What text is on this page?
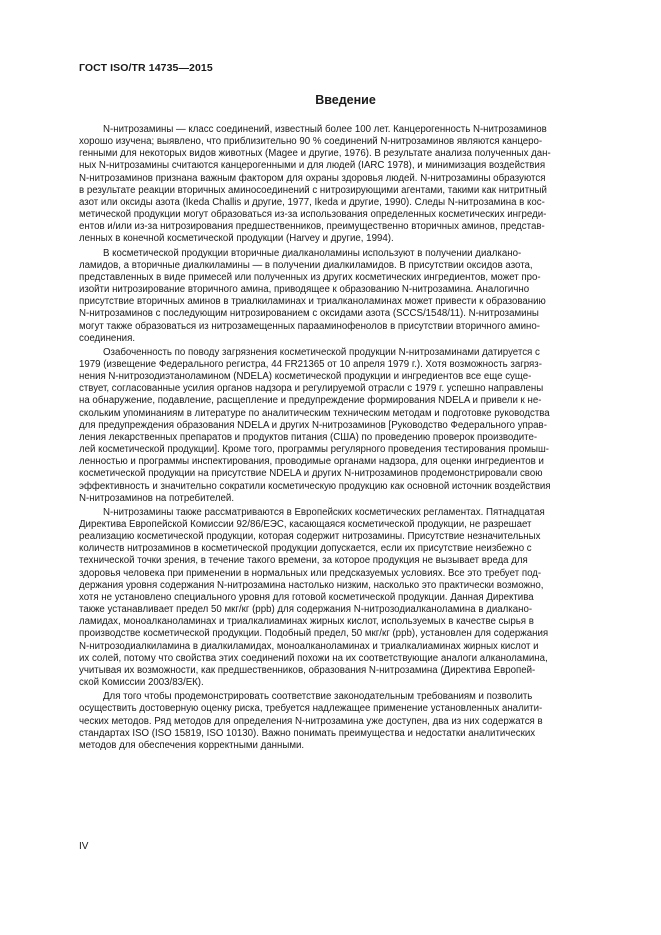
ГОСТ ISO/TR 14735—2015
Введение

N-нитрозамины — класс соединений, известный более 100 лет. Канцерогенность N-нитрозаминов
хорошо изучена; выявлено, что приблизительно 90 % соединений N-нитрозаминов являются канцеро-
генными для некоторых видов животных (Magee и другие, 1976). В результате анализа полученных дан-
ных N-нитрозамины считаются канцерогенными и для людей (IARC 1978), и минимизация воздействия
N-нитрозаминов признана важным фактором для охраны здоровья людей. N-нитрозамины образуются
в результате реакции вторичных аминосоединений с нитрозирующими агентами, такими как нитритный
азот или оксиды азота (Ikeda Challis и другие, 1977, Ikeda и другие, 1990). Следы N-нитрозамина в кос-
метической продукции могут образоваться из-за использования определенных косметических ингреди-
ентов и/или из-за нитрозирования предшественников, преимущественно вторичных аминов, представ-
ленных в конечной косметической продукции (Harvey и другие, 1994).

В косметической продукции вторичные диалканоламины используют в получении диалкано-
ламидов, а вторичные диалкиламины — в получении диалкиламидов. В присутствии оксидов азота,
представленных в виде примесей или полученных из других косметических ингредиентов, может про-
изойти нитрозирование вторичного амина, приводящее к образованию N-нитрозамина. Аналогично
присутствие вторичных аминов в триалкиламинах и триалканоламинах может привести к образованию
N-нитрозаминов с последующим нитрозированием с оксидами азота (SCCS/1548/11). N-нитрозамины
могут также образоваться из нитрозамещенных параaминофенолов в присутствии вторичного амино-
соединения.

Озабоченность по поводу загрязнения косметической продукции N-нитрозаминами датируется с
1979 (извещение Федерального регистра, 44 FR21365 от 10 апреля 1979 г.). Хотя возможность загряз-
нения N-нитрозодиэтаноламином (NDELA) косметической продукции и ингредиентов все еще суще-
ствует, согласованные усилия органов надзора и регулируемой отрасли с 1979 г. успешно направлены
на обнаружение, подавление, расщепление и предупреждение формирования NDELA и привели к не-
скольким упоминаниям в литературе по аналитическим техническим методам и подготовке руководства
для предупреждения образования NDELA и других N-нитрозаминов [Руководство Федерального управ-
ления лекарственных препаратов и продуктов питания (США) по проведению проверок производите-
лей косметической продукции]. Кроме того, программы регулярного проведения тестирования промыш-
ленностью и программы инспектирования, проводимые органами надзора, для оценки ингредиентов и
косметической продукции на присутствие NDELA и других N-нитрозаминов продемонстрировали свою
эффективность и значительно сократили косметическую продукцию как основной источник воздействия
N-нитрозаминов на потребителей.

N-нитрозамины также рассматриваются в Европейских косметических регламентах. Пятнадцатая
Директива Европейской Комиссии 92/86/ЕЭС, касающаяся косметической продукции, не разрешает
реализацию косметической продукции, которая содержит нитрозамины. Присутствие незначительных
количеств нитрозаминов в косметической продукции допускается, если их присутствие неизбежно с
технической точки зрения, в течение такого времени, за которое продукция не вызывает вреда для
здоровья человека при применении в нормальных или предсказуемых условиях. Все это требует под-
держания уровня содержания N-нитрозамина настолько низким, насколько это практически возможно,
хотя не установлено специального уровня для готовой косметической продукции. Данная Директива
также устанавливает предел 50 мкг/кг (ppb) для содержания N-нитрозодиалканоламина в диалкано-
ламидах, моноалканоламинах и триалкалиаминах жирных кислот, используемых в качестве сырья в
производстве косметической продукции. Подобный предел, 50 мкг/кг (ppb), установлен для содержания
N-нитрозодиалкиламина в диалкиламидах, моноалканоламинах и триалкалиаминах жирных кислот и
их солей, потому что свойства этих соединений похожи на их соответствующие аналоги алканоламина,
учитывая их возможности, как предшественников, образования N-нитрозамина (Директива Европей-
ской Комиссии 2003/83/ЕК).

Для того чтобы продемонстрировать соответствие законодательным требованиям и позволить
осуществить достоверную оценку риска, требуется надлежащее применение установленных аналити-
ческих методов. Ряд методов для определения N-нитрозамина уже доступен, два из них содержатся в
стандартах ISO (ISO 15819, ISO 10130). Важно понимать преимущества и недостатки аналитических
методов для обеспечения корректными данными.

IV
